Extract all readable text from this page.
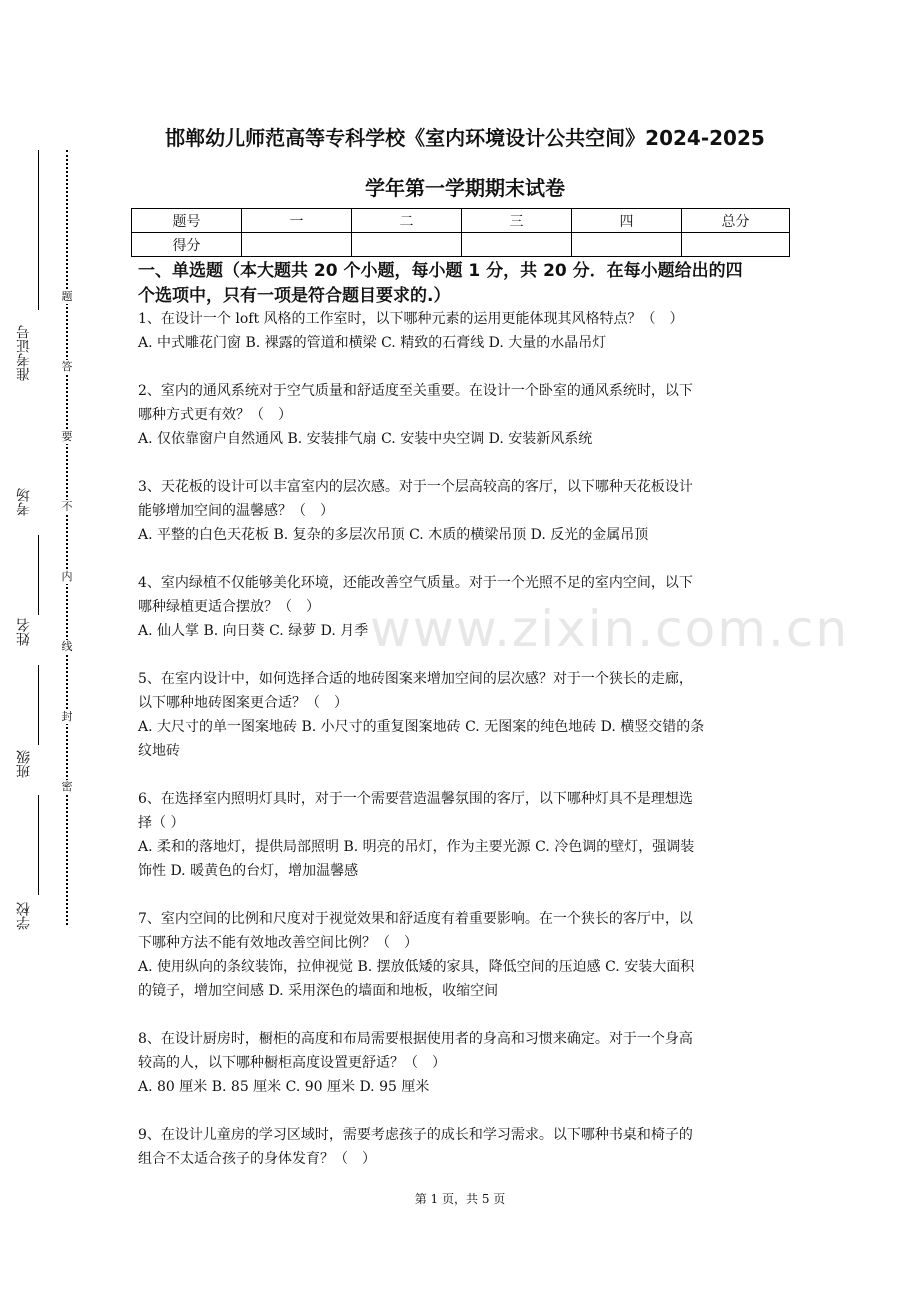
准考证号
考场
姓名
班级
学校
题
答
要
不
内
线
封
密
www.zixin.com.cn
邯郸幼儿师范高等专科学校《室内环境设计公共空间》2024-2025
学年第一学期期末试卷
题号	一	二	三	四	总分
得分					
一、单选题（本大题共 20 个小题，每小题 1 分，共 20 分．在每小题给出的四
个选项中，只有一项是符合题目要求的.）

1、在设计一个 loft 风格的工作室时，以下哪种元素的运用更能体现其风格特点？（　）

A. 中式雕花门窗 B. 裸露的管道和横梁 C. 精致的石膏线 D. 大量的水晶吊灯

2、室内的通风系统对于空气质量和舒适度至关重要。在设计一个卧室的通风系统时，以下

哪种方式更有效？（　）

A. 仅依靠窗户自然通风 B. 安装排气扇 C. 安装中央空调 D. 安装新风系统

3、天花板的设计可以丰富室内的层次感。对于一个层高较高的客厅，以下哪种天花板设计

能够增加空间的温馨感？（　）

A. 平整的白色天花板 B. 复杂的多层次吊顶 C. 木质的横梁吊顶 D. 反光的金属吊顶

4、室内绿植不仅能够美化环境，还能改善空气质量。对于一个光照不足的室内空间，以下

哪种绿植更适合摆放？（　）

A. 仙人掌 B. 向日葵 C. 绿萝 D. 月季

5、在室内设计中，如何选择合适的地砖图案来增加空间的层次感？对于一个狭长的走廊，

以下哪种地砖图案更合适？（　）

A. 大尺寸的单一图案地砖 B. 小尺寸的重复图案地砖 C. 无图案的纯色地砖 D. 横竖交错的条

纹地砖

6、在选择室内照明灯具时，对于一个需要营造温馨氛围的客厅，以下哪种灯具不是理想选

择（ ）

A. 柔和的落地灯，提供局部照明 B. 明亮的吊灯，作为主要光源 C. 冷色调的壁灯，强调装

饰性 D. 暖黄色的台灯，增加温馨感

7、室内空间的比例和尺度对于视觉效果和舒适度有着重要影响。在一个狭长的客厅中，以

下哪种方法不能有效地改善空间比例？（　）

A. 使用纵向的条纹装饰，拉伸视觉 B. 摆放低矮的家具，降低空间的压迫感 C. 安装大面积

的镜子，增加空间感 D. 采用深色的墙面和地板，收缩空间

8、在设计厨房时，橱柜的高度和布局需要根据使用者的身高和习惯来确定。对于一个身高

较高的人，以下哪种橱柜高度设置更舒适？（　）

A. 80 厘米 B. 85 厘米 C. 90 厘米 D. 95 厘米

9、在设计儿童房的学习区域时，需要考虑孩子的成长和学习需求。以下哪种书桌和椅子的

组合不太适合孩子的身体发育？（　）

第 1 页，共 5 页
